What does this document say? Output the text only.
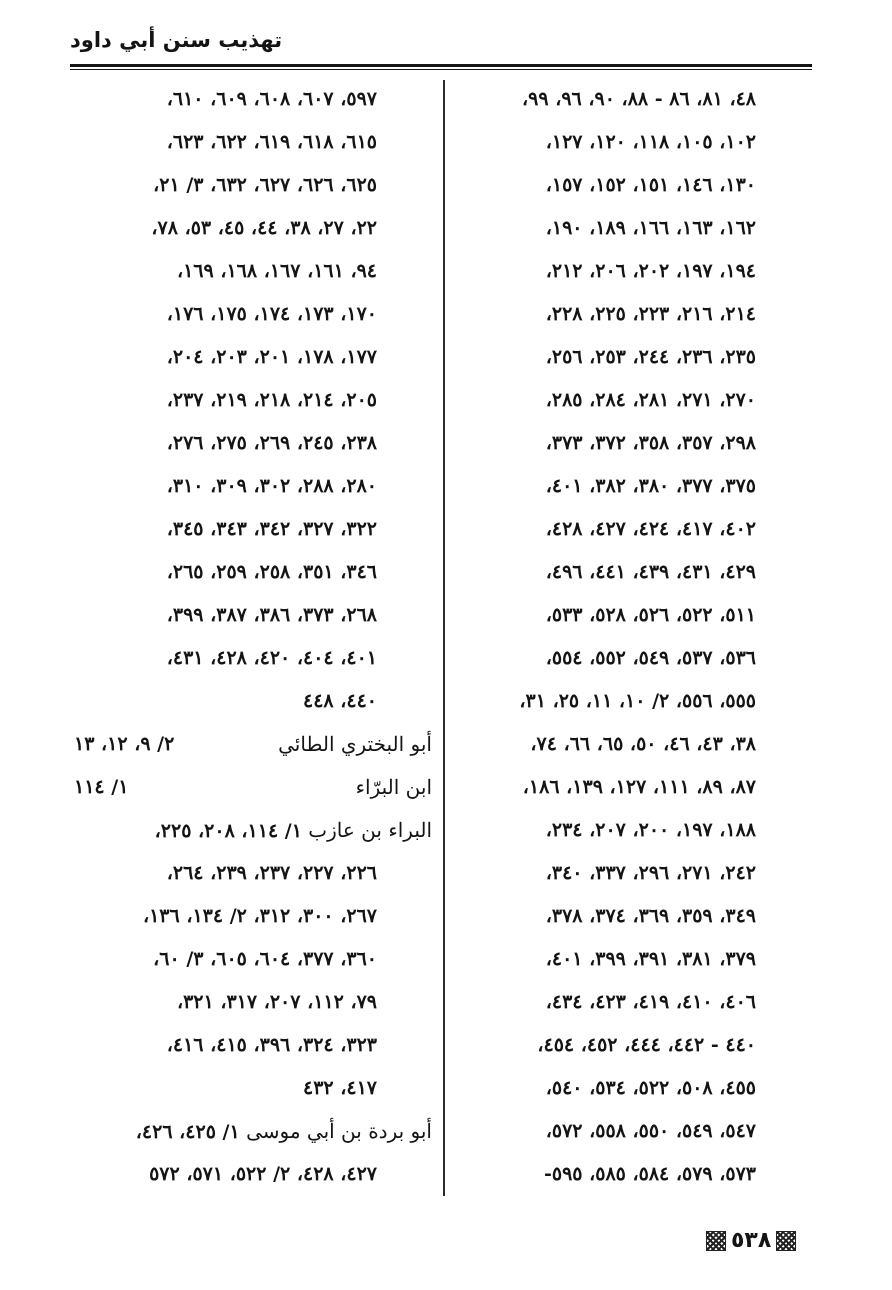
تهذيب سنن أبي داود
٤٨، ٨١، ٨٦ - ٨٨، ٩٠، ٩٦، ٩٩،
١٠٢، ١٠٥، ١١٨، ١٢٠، ١٢٧،
١٣٠، ١٤٦، ١٥١، ١٥٢، ١٥٧،
١٦٢، ١٦٣، ١٦٦، ١٨٩، ١٩٠،
١٩٤، ١٩٧، ٢٠٢، ٢٠٦، ٢١٢،
٢١٤، ٢١٦، ٢٢٣، ٢٢٥، ٢٢٨،
٢٣٥، ٢٣٦، ٢٤٤، ٢٥٣، ٢٥٦،
٢٧٠، ٢٧١، ٢٨١، ٢٨٤، ٢٨٥،
٢٩٨، ٣٥٧، ٣٥٨، ٣٧٢، ٣٧٣،
٣٧٥، ٣٧٧، ٣٨٠، ٣٨٢، ٤٠١،
٤٠٢، ٤١٧، ٤٢٤، ٤٢٧، ٤٢٨،
٤٢٩، ٤٣١، ٤٣٩، ٤٤١، ٤٩٦،
٥١١، ٥٢٢، ٥٢٦، ٥٢٨، ٥٣٣،
٥٣٦، ٥٣٧، ٥٤٩، ٥٥٢، ٥٥٤،
٥٥٥، ٥٥٦، ٢/ ١٠، ١١، ٢٥، ٣١،
٣٨، ٤٣، ٤٦، ٥٠، ٦٥، ٦٦، ٧٤،
٨٧، ٨٩، ١١١، ١٢٧، ١٣٩، ١٨٦،
١٨٨، ١٩٧، ٢٠٠، ٢٠٧، ٢٣٤،
٢٤٢، ٢٧١، ٢٩٦، ٣٣٧، ٣٤٠،
٣٤٩، ٣٥٩، ٣٦٩، ٣٧٤، ٣٧٨،
٣٧٩، ٣٨١، ٣٩١، ٣٩٩، ٤٠١،
٤٠٦، ٤١٠، ٤١٩، ٤٢٣، ٤٣٤،
٤٤٠ - ٤٤٢، ٤٤٤، ٤٥٢، ٤٥٤،
٤٥٥، ٥٠٨، ٥٢٢، ٥٣٤، ٥٤٠،
٥٤٧، ٥٤٩، ٥٥٠، ٥٥٨، ٥٧٢،
٥٧٣، ٥٧٩، ٥٨٤، ٥٨٥، ٥٩٥-
٥٩٧، ٦٠٧، ٦٠٨، ٦٠٩، ٦١٠،
٦١٥، ٦١٨، ٦١٩، ٦٢٢، ٦٢٣،
٦٢٥، ٦٢٦، ٦٢٧، ٦٣٢، ٣/ ٢١،
٢٢، ٢٧، ٣٨، ٤٤، ٤٥، ٥٣، ٧٨،
٩٤، ١٦١، ١٦٧، ١٦٨، ١٦٩،
١٧٠، ١٧٣، ١٧٤، ١٧٥، ١٧٦،
١٧٧، ١٧٨، ٢٠١، ٢٠٣، ٢٠٤،
٢٠٥، ٢١٤، ٢١٨، ٢١٩، ٢٣٧،
٢٣٨، ٢٤٥، ٢٦٩، ٢٧٥، ٢٧٦،
٢٨٠، ٢٨٨، ٣٠٢، ٣٠٩، ٣١٠،
٣٢٢، ٣٢٧، ٣٤٢، ٣٤٣، ٣٤٥،
٣٤٦، ٣٥١، ٢٥٨، ٢٥٩، ٢٦٥،
٢٦٨، ٣٧٣، ٣٨٦، ٣٨٧، ٣٩٩،
٤٠١، ٤٠٤، ٤٢٠، ٤٢٨، ٤٣١،
٤٤٠، ٤٤٨
أبو البختري الطائي
٢/ ٩، ١٢، ١٣
ابن البرّاء
١/ ١١٤
البراء بن عازب ١/ ١١٤، ٢٠٨، ٢٢٥،
٢٢٦، ٢٢٧، ٢٣٧، ٢٣٩، ٢٦٤،
٢٦٧، ٣٠٠، ٣١٢، ٢/ ١٣٤، ١٣٦،
٣٦٠، ٣٧٧، ٦٠٤، ٦٠٥، ٣/ ٦٠،
٧٩، ١١٢، ٢٠٧، ٣١٧، ٣٢١،
٣٢٣، ٣٢٤، ٣٩٦، ٤١٥، ٤١٦،
٤١٧، ٤٣٢
أبو بردة بن أبي موسى ١/ ٤٢٥، ٤٢٦،
٤٢٧، ٤٢٨، ٢/ ٥٢٢، ٥٧١، ٥٧٢
٥٣٨
